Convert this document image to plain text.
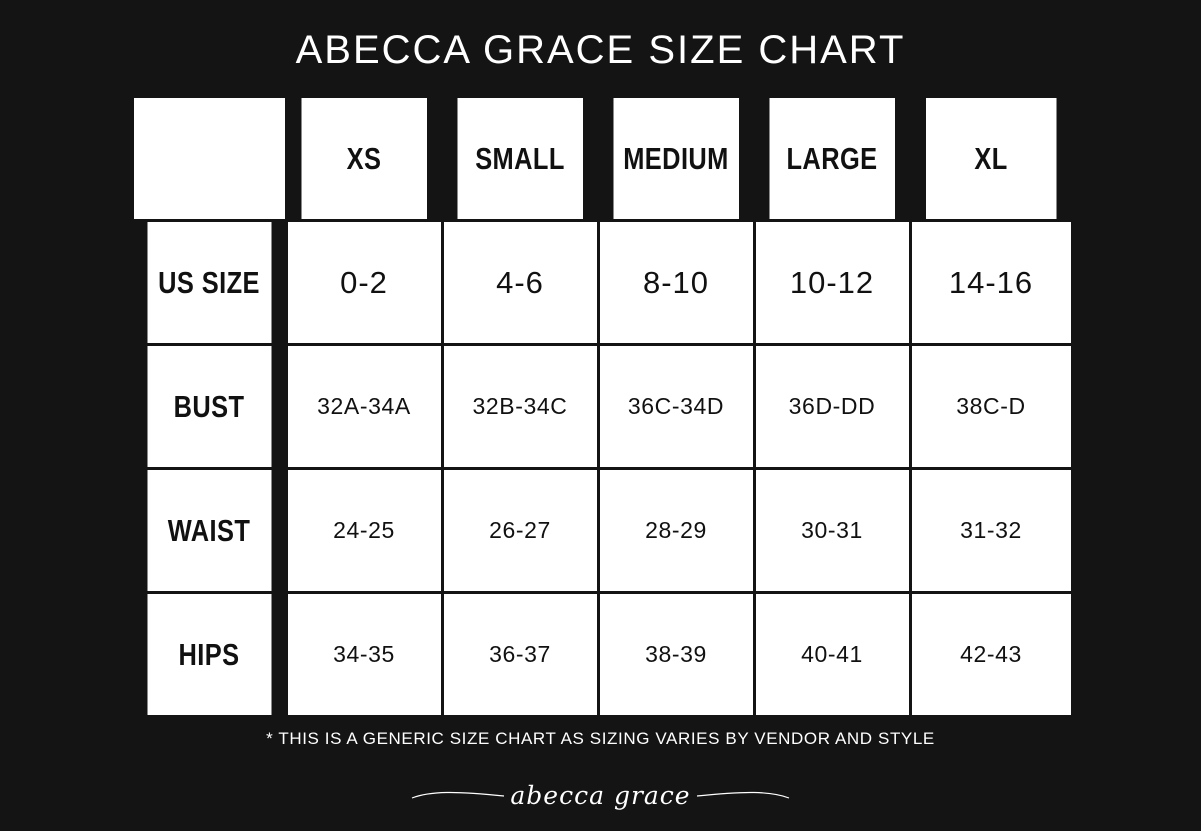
ABECCA GRACE SIZE CHART
	XS	SMALL	MEDIUM	LARGE	XL
US SIZE	0-2	4-6	8-10	10-12	14-16
BUST	32A-34A	32B-34C	36C-34D	36D-DD	38C-D
WAIST	24-25	26-27	28-29	30-31	31-32
HIPS	34-35	36-37	38-39	40-41	42-43
* THIS IS A GENERIC SIZE CHART AS SIZING VARIES BY VENDOR AND STYLE
abecca grace
